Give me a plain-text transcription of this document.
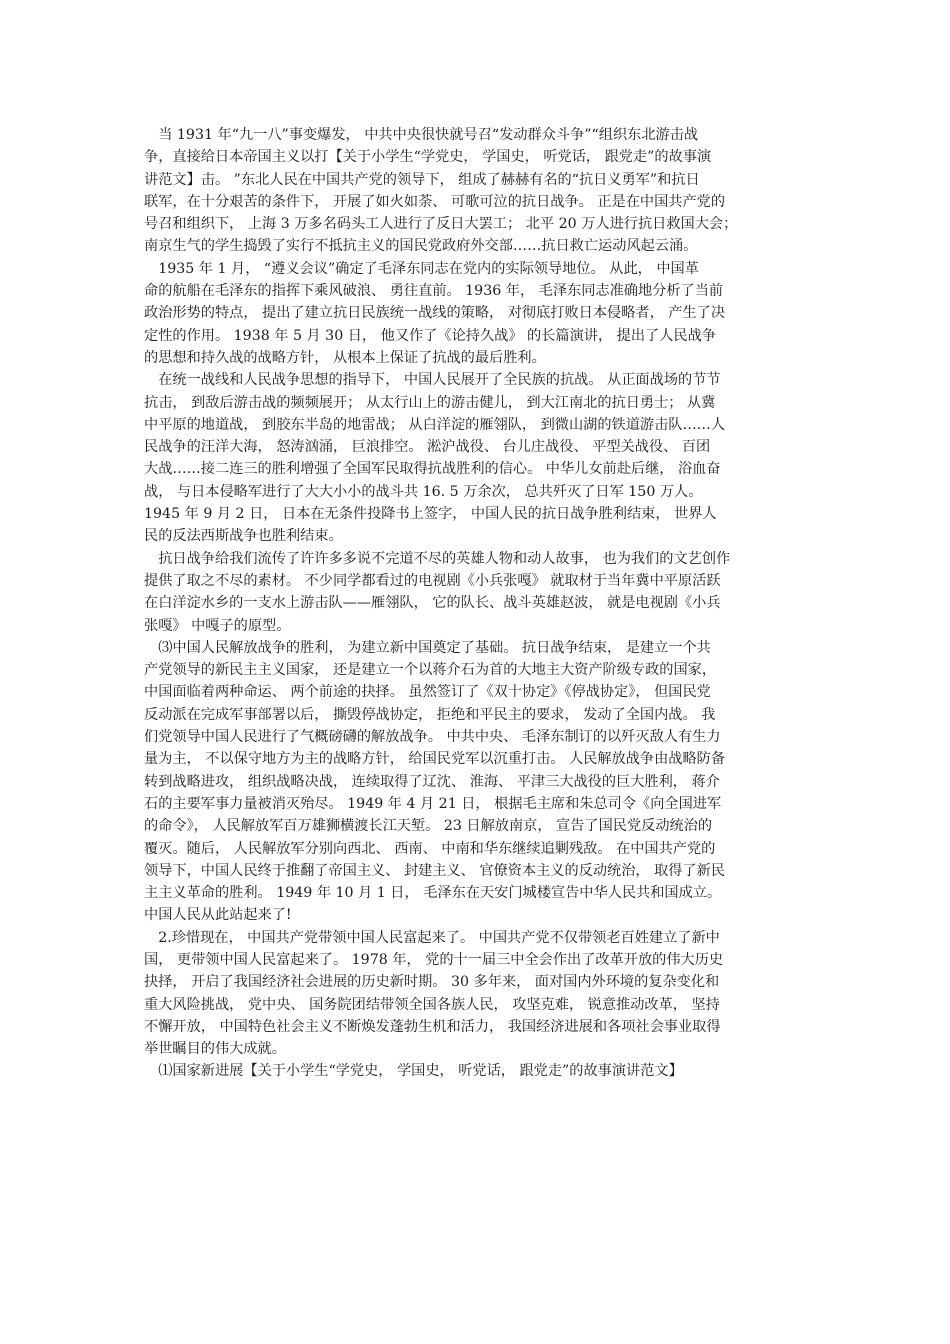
　当 1931 年“九一八”事变爆发， 中共中央很快就号召“发动群众斗争”“组织东北游击战
争，直接给日本帝国主义以打【关于小学生“学党史， 学国史， 听党话， 跟党走”的故事演
讲范文】击。 ”东北人民在中国共产党的领导下， 组成了赫赫有名的“抗日义勇军”和抗日
联军，在十分艰苦的条件下， 开展了如火如荼、 可歌可泣的抗日战争。 正是在中国共产党的
号召和组织下， 上海 3 万多名码头工人进行了反日大罢工； 北平 20 万人进行抗日救国大会；
南京生气的学生捣毁了实行不抵抗主义的国民党政府外交部……抗日救亡运动风起云涌。
　1935 年 1 月， “遵义会议”确定了毛泽东同志在党内的实际领导地位。 从此， 中国革
命的航船在毛泽东的指挥下乘风破浪、 勇往直前。 1936 年， 毛泽东同志准确地分析了当前
政治形势的特点， 提出了建立抗日民族统一战线的策略， 对彻底打败日本侵略者， 产生了决
定性的作用。 1938 年 5 月 30 日， 他又作了《论持久战》 的长篇演讲， 提出了人民战争
的思想和持久战的战略方针， 从根本上保证了抗战的最后胜利。
　在统一战线和人民战争思想的指导下， 中国人民展开了全民族的抗战。 从正面战场的节节
抗击， 到敌后游击战的频频展开； 从太行山上的游击健儿， 到大江南北的抗日勇士； 从冀
中平原的地道战， 到胶东半岛的地雷战； 从白洋淀的雁翎队， 到微山湖的铁道游击队……人
民战争的汪洋大海， 怒涛汹涌， 巨浪排空。 淞沪战役、 台儿庄战役、 平型关战役、 百团
大战……接二连三的胜利增强了全国军民取得抗战胜利的信心。 中华儿女前赴后继， 浴血奋
战， 与日本侵略军进行了大大小小的战斗共 16. 5 万余次， 总共歼灭了日军 150 万人。
1945 年 9 月 2 日， 日本在无条件投降书上签字， 中国人民的抗日战争胜利结束， 世界人
民的反法西斯战争也胜利结束。
　抗日战争给我们流传了许许多多说不完道不尽的英雄人物和动人故事， 也为我们的文艺创作
提供了取之不尽的素材。 不少同学都看过的电视剧《小兵张嘎》 就取材于当年冀中平原活跃
在白洋淀水乡的一支水上游击队——雁翎队， 它的队长、战斗英雄赵波， 就是电视剧《小兵
张嘎》 中嘎子的原型。
　⑶中国人民解放战争的胜利， 为建立新中国奠定了基础。 抗日战争结束， 是建立一个共
产党领导的新民主主义国家， 还是建立一个以蒋介石为首的大地主大资产阶级专政的国家，
中国面临着两种命运、 两个前途的抉择。 虽然签订了《双十协定》《停战协定》， 但国民党
反动派在完成军事部署以后， 撕毁停战协定， 拒绝和平民主的要求， 发动了全国内战。 我
们党领导中国人民进行了气概磅礴的解放战争。 中共中央、 毛泽东制订的以歼灭敌人有生力
量为主， 不以保守地方为主的战略方针， 给国民党军以沉重打击。 人民解放战争由战略防备
转到战略进攻， 组织战略决战， 连续取得了辽沈、 淮海、 平津三大战役的巨大胜利， 蒋介
石的主要军事力量被消灭殆尽。 1949 年 4 月 21 日， 根据毛主席和朱总司令《向全国进军
的命令》， 人民解放军百万雄狮横渡长江天堑。 23 日解放南京， 宣告了国民党反动统治的
覆灭。随后， 人民解放军分别向西北、 西南、 中南和华东继续追剿残敌。 在中国共产党的
领导下，中国人民终于推翻了帝国主义、 封建主义、 官僚资本主义的反动统治， 取得了新民
主主义革命的胜利。 1949 年 10 月 1 日， 毛泽东在天安门城楼宣告中华人民共和国成立。
中国人民从此站起来了!
　2.珍惜现在， 中国共产党带领中国人民富起来了。 中国共产党不仅带领老百姓建立了新中
国， 更带领中国人民富起来了。 1978 年， 党的十一届三中全会作出了改革开放的伟大历史
抉择， 开启了我国经济社会进展的历史新时期。 30 多年来， 面对国内外环境的复杂变化和
重大风险挑战， 党中央、 国务院团结带领全国各族人民， 攻坚克难， 锐意推动改革， 坚持
不懈开放， 中国特色社会主义不断焕发蓬勃生机和活力， 我国经济进展和各项社会事业取得
举世瞩目的伟大成就。
　⑴国家新进展【关于小学生“学党史， 学国史， 听党话， 跟党走”的故事演讲范文】
